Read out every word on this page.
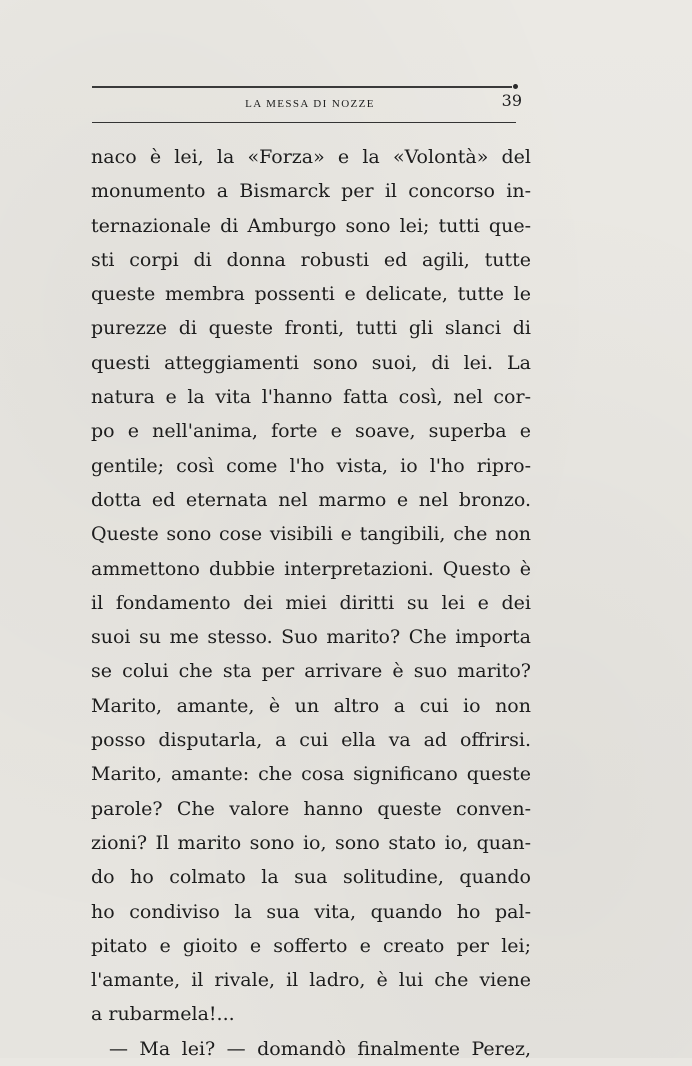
LA MESSA DI NOZZE	39
naco è lei, la «Forza» e la «Volontà» del
monumento a Bismarck per il concorso in-
ternazionale di Amburgo sono lei; tutti que-
sti corpi di donna robusti ed agili, tutte
queste membra possenti e delicate, tutte le
purezze di queste fronti, tutti gli slanci di
questi atteggiamenti sono suoi, di lei. La
natura e la vita l'hanno fatta così, nel cor-
po e nell'anima, forte e soave, superba e
gentile; così come l'ho vista, io l'ho ripro-
dotta ed eternata nel marmo e nel bronzo.
Queste sono cose visibili e tangibili, che non
ammettono dubbie interpretazioni. Questo è
il fondamento dei miei diritti su lei e dei
suoi su me stesso. Suo marito? Che importa
se colui che sta per arrivare è suo marito?
Marito, amante, è un altro a cui io non
posso disputarla, a cui ella va ad offrirsi.
Marito, amante: che cosa significano queste
parole? Che valore hanno queste conven-
zioni? Il marito sono io, sono stato io, quan-
do ho colmato la sua solitudine, quando
ho condiviso la sua vita, quando ho pal-
pitato e gioito e sofferto e creato per lei;
l'amante, il rivale, il ladro, è lui che viene
a rubarmela!...
— Ma lei? — domandò finalmente Perez,
